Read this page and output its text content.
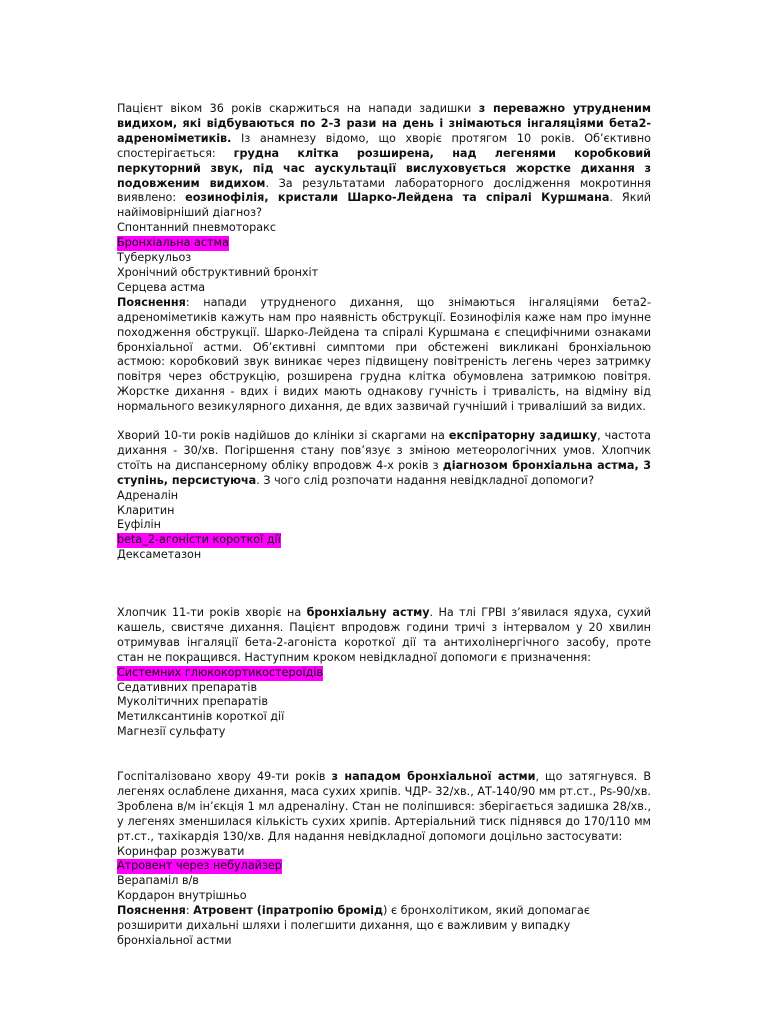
Пацієнт віком 36 років скаржиться на напади задишки з переважно утрудненим видихом, які відбуваються по 2-3 рази на день і знімаються інгаляціями бета2-адреноміметиків. Із анамнезу відомо, що хворіє протягом 10 років. Об’єктивно спостерігається: грудна клітка розширена, над легенями коробковий перкуторний звук, під час аускультації вислуховується жорстке дихання з подовженим видихом. За результатами лабораторного дослідження мокротиння виявлено: еозинофілія, кристали Шарко-Лейдена та спіралі Куршмана. Який найімовірніший діагноз?

Спонтанний пневмоторакс

Бронхіальна астма

Туберкульоз

Хронічний обструктивний бронхіт

Серцева астма

Пояснення: напади утрудненого дихання, що знімаються інгаляціями бета2-адреноміметиків кажуть нам про наявність обструкції. Еозинофілія каже нам про імунне походження обструкції. Шарко-Лейдена та спіралі Куршмана є специфічними ознаками бронхіальної астми. Об’єктивні симптоми при обстежені викликані бронхіальною астмою: коробковий звук виникає через підвищену повітреність легень через затримку повітря через обструкцію, розширена грудна клітка обумовлена затримкою повітря. Жорстке дихання - вдих і видих мають однакову гучність і тривалість, на відміну від нормального везикулярного дихання, де вдих зазвичай гучніший і триваліший за видих.

Хворий 10-ти років надійшов до клініки зі скаргами на експіраторну задишку, частота дихання - 30/хв. Погіршення стану пов’язує з зміною метеорологічних умов. Хлопчик стоїть на диспансерному обліку впродовж 4-х років з діагнозом бронхіальна астма, 3 ступінь, персистуюча. З чого слід розпочати надання невідкладної допомоги?

Адреналін

Кларитин

Еуфілін

beta_2-агоністи короткої дії

Дексаметазон

Хлопчик 11-ти років хворіє на бронхіальну астму. На тлі ГРВІ з’явилася ядуха, сухий кашель, свистяче дихання. Пацієнт впродовж години тричі з інтервалом у 20 хвилин отримував інгаляції бета-2-агоніста короткої дії та антихолінергічного засобу, проте стан не покращився. Наступним кроком невідкладної допомоги є призначення:

Системних глюкокортикостероїдів

Седативних препаратів

Муколітичних препаратів

Метилксантинів короткої дії

Магнезії сульфату

Госпіталізовано хвору 49-ти років з нападом бронхіальної астми, що затягнувся. В легенях ослаблене дихання, маса сухих хрипів. ЧДР- 32/хв., АТ-140/90 мм рт.ст., Ps-90/хв. Зроблена в/м ін’єкція 1 мл адреналіну. Стан не поліпшився: зберігається задишка 28/хв., у легенях зменшилася кількість сухих хрипів. Артеріальний тиск піднявся до 170/110 мм рт.ст., тахікардія 130/хв. Для надання невідкладної допомоги доцільно застосувати:

Коринфар розжувати

Атровент через небулайзер

Верапаміл в/в

Кордарон внутрішньо

Пояснення: Атровент (іпратропію бромід) є бронхолітиком, який допомагає розширити дихальні шляхи і полегшити дихання, що є важливим у випадку бронхіальної астми
